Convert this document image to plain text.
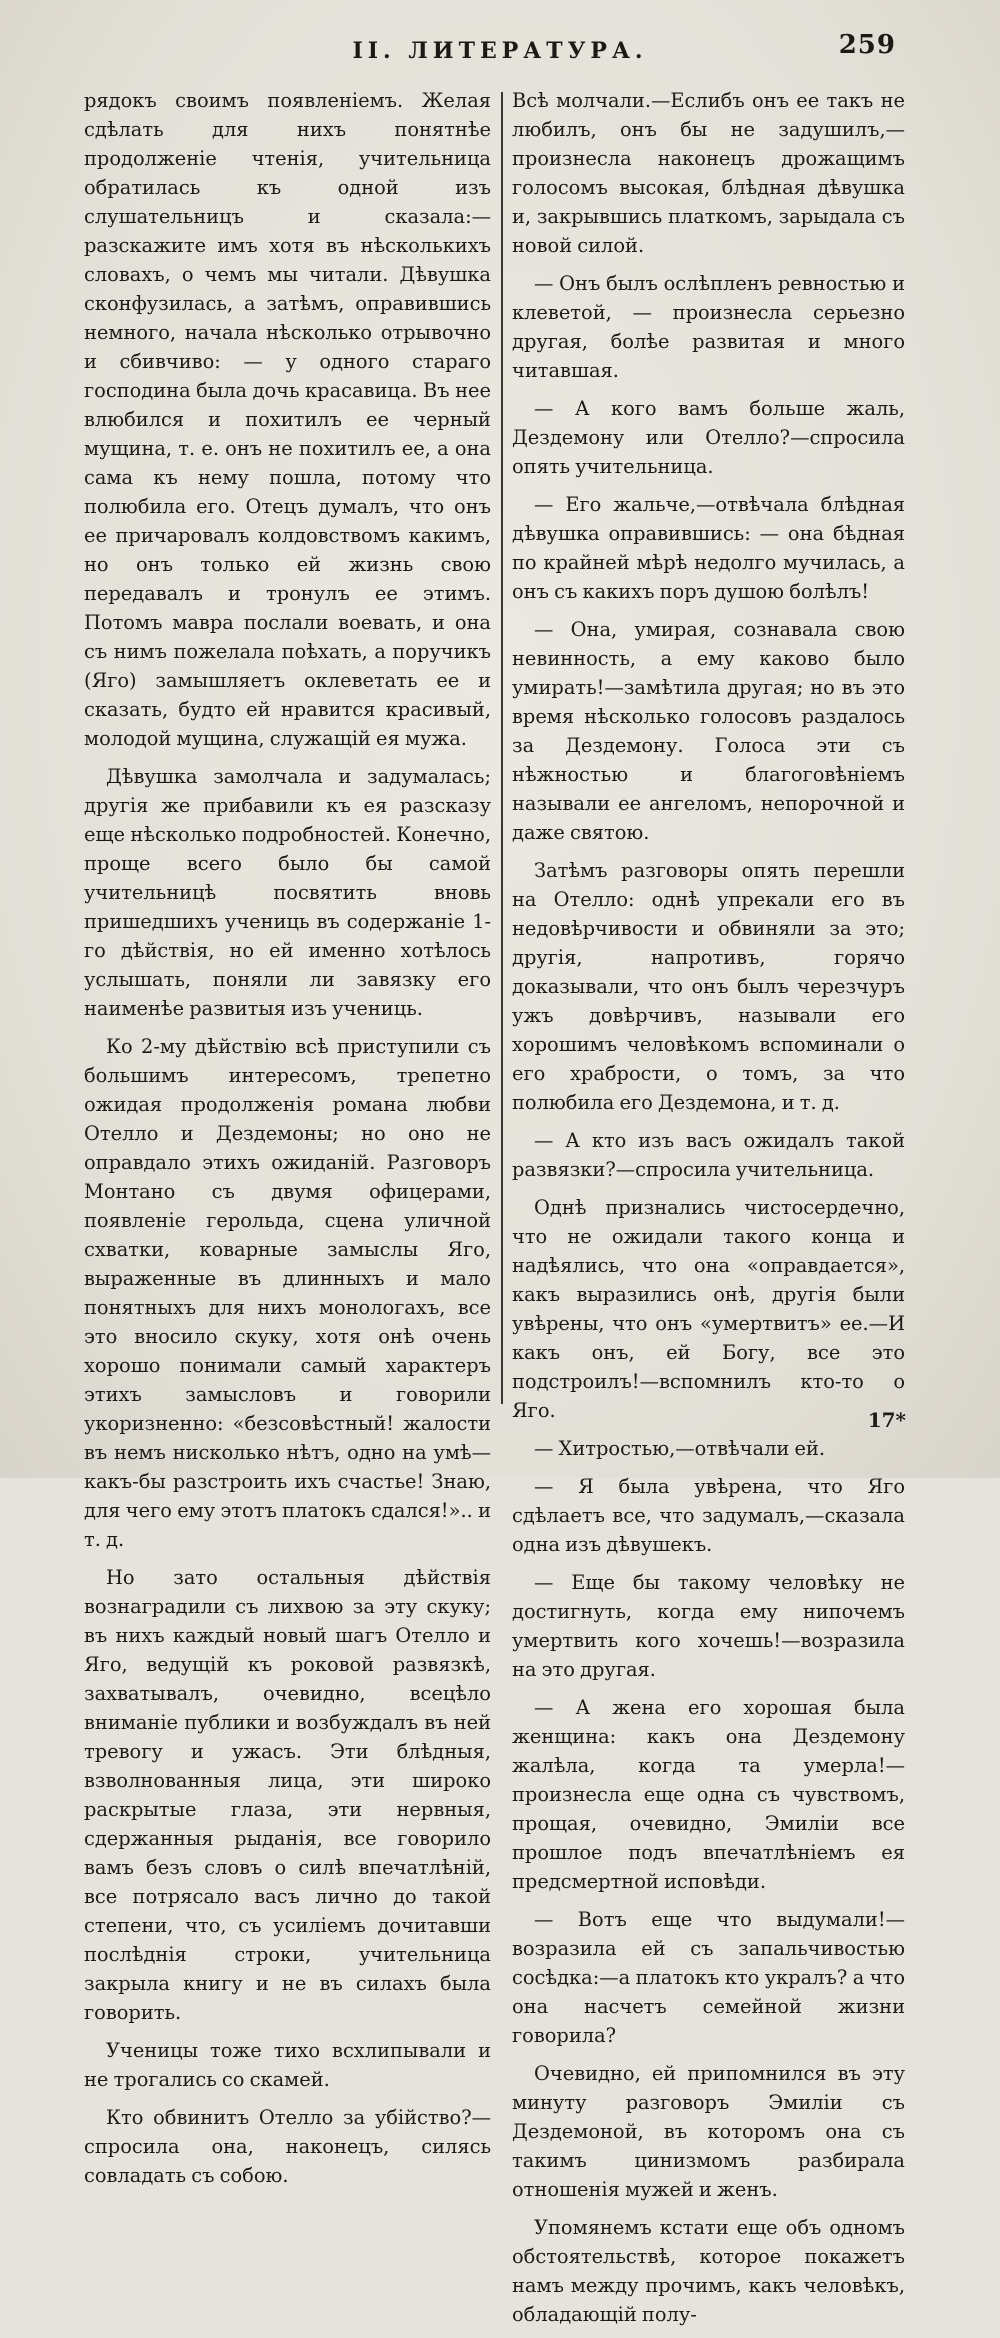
II. ЛИТЕРАТУРА.	259

рядокъ своимъ появленіемъ. Желая сдѣлать для нихъ понятнѣе продолженіе чтенія, учительница обратилась къ одной изъ слушательницъ и сказала:—разскажите имъ хотя въ нѣсколькихъ словахъ, о чемъ мы читали. Дѣвушка сконфузилась, а затѣмъ, оправившись немного, начала нѣсколько отрывочно и сбивчиво: — у одного стараго господина была дочь красавица. Въ нее влюбился и похитилъ ее черный мущина, т. е. онъ не похитилъ ее, а она сама къ нему пошла, потому что полюбила его. Отецъ думалъ, что онъ ее причаровалъ колдовствомъ какимъ, но онъ только ей жизнь свою передавалъ и тронулъ ее этимъ. Потомъ мавра послали воевать, и она съ нимъ пожелала поѣхать, а поручикъ (Яго) замышляетъ оклеветать ее и сказать, будто ей нравится красивый, молодой мущина, служащій ея мужа.

Дѣвушка замолчала и задумалась; другія же прибавили къ ея разсказу еще нѣсколько подробностей. Конечно, проще всего было бы самой учительницѣ посвятить вновь пришедшихъ учениць въ содержаніе 1-го дѣйствія, но ей именно хотѣлось услышать, поняли ли завязку его наименѣе развитыя изъ учениць.

Ко 2-му дѣйствію всѣ приступили съ большимъ интересомъ, трепетно ожидая продолженія романа любви Отелло и Дездемоны; но оно не оправдало этихъ ожиданій. Разговоръ Монтано съ двумя офицерами, появленіе герольда, сцена уличной схватки, коварные замыслы Яго, выраженные въ длинныхъ и мало понятныхъ для нихъ монологахъ, все это вносило скуку, хотя онѣ очень хорошо понимали самый характеръ этихъ замысловъ и говорили укоризненно: «безсовѣстный! жалости въ немъ нисколько нѣтъ, одно на умѣ—какъ-бы разстроить ихъ счастье! Знаю, для чего ему этотъ платокъ сдался!».. и т. д.

Но зато остальныя дѣйствія вознаградили съ лихвою за эту скуку; въ нихъ каждый новый шагъ Отелло и Яго, ведущій къ роковой развязкѣ, захватывалъ, очевидно, всецѣло вниманіе публики и возбуждалъ въ ней тревогу и ужасъ. Эти блѣдныя, взволнованныя лица, эти широко раскрытые глаза, эти нервныя, сдержанныя рыданія, все говорило вамъ безъ словъ о силѣ впечатлѣній, все потрясало васъ лично до такой степени, что, съ усиліемъ дочитавши послѣднія строки, учительница закрыла книгу и не въ силахъ была говорить.

Ученицы тоже тихо всхлипывали и не трогались со скамей.

Кто обвинитъ Отелло за убійство?—спросила она, наконецъ, силясь совладать съ собою.

Всѣ молчали.—Еслибъ онъ ее такъ не любилъ, онъ бы не задушилъ,—произнесла наконецъ дрожащимъ голосомъ высокая, блѣдная дѣвушка и, закрывшись платкомъ, зарыдала съ новой силой.

— Онъ былъ ослѣпленъ ревностью и клеветой, — произнесла серьезно другая, болѣе развитая и много читавшая.

— А кого вамъ больше жаль, Дездемону или Отелло?—спросила опять учительница.

— Его жальче,—отвѣчала блѣдная дѣвушка оправившись: — она бѣдная по крайней мѣрѣ недолго мучилась, а онъ съ какихъ поръ душою болѣлъ!

— Она, умирая, сознавала свою невинность, а ему каково было умирать!—замѣтила другая; но въ это время нѣсколько голосовъ раздалось за Дездемону. Голоса эти съ нѣжностью и благоговѣніемъ называли ее ангеломъ, непорочной и даже святою.

Затѣмъ разговоры опять перешли на Отелло: однѣ упрекали его въ недовѣрчивости и обвиняли за это; другія, напротивъ, горячо доказывали, что онъ былъ черезчуръ ужъ довѣрчивъ, называли его хорошимъ человѣкомъ вспоминали о его храбрости, о томъ, за что полюбила его Дездемона, и т. д.

— А кто изъ васъ ожидалъ такой развязки?—спросила учительница.

Однѣ признались чистосердечно, что не ожидали такого конца и надѣялись, что она «оправдается», какъ выразились онѣ, другія были увѣрены, что онъ «умертвитъ» ее.—И какъ онъ, ей Богу, все это подстроилъ!—вспомнилъ кто-то о Яго.

— Хитростью,—отвѣчали ей.

— Я была увѣрена, что Яго сдѣлаетъ все, что задумалъ,—сказала одна изъ дѣвушекъ.

— Еще бы такому человѣку не достигнуть, когда ему нипочемъ умертвить кого хочешь!—возразила на это другая.

— А жена его хорошая была женщина: какъ она Дездемону жалѣла, когда та умерла!—произнесла еще одна съ чувствомъ, прощая, очевидно, Эмиліи все прошлое подъ впечатлѣніемъ ея предсмертной исповѣди.

— Вотъ еще что выдумали!—возразила ей съ запальчивостью сосѣдка:—а платокъ кто укралъ? а что она насчетъ семейной жизни говорила?

Очевидно, ей припомнился въ эту минуту разговоръ Эмиліи съ Дездемоной, въ которомъ она съ такимъ цинизмомъ разбирала отношенія мужей и женъ.

Упомянемъ кстати еще объ одномъ обстоятельствѣ, которое покажетъ намъ между прочимъ, какъ человѣкъ, обладающій полу-

17*
